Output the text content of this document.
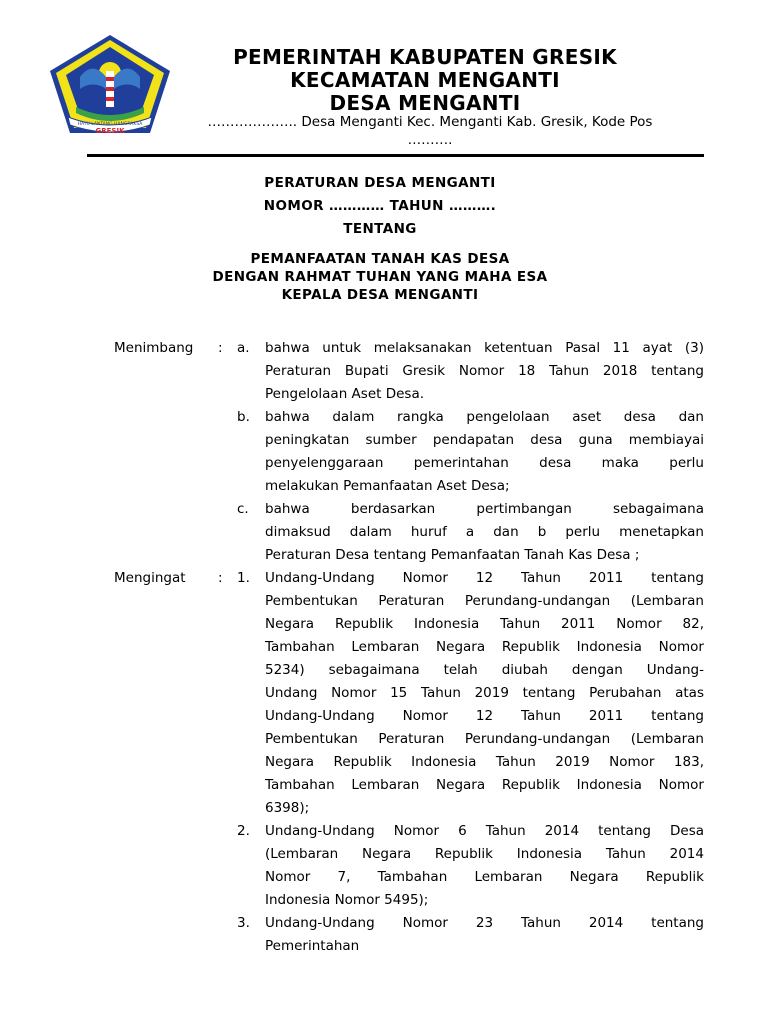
HAYU LANTANG HANGRAKSA
GRESIK
PEMERINTAH KABUPATEN GRESIK
KECAMATAN MENGANTI
DESA MENGANTI
……………….. Desa Menganti Kec. Menganti Kab. Gresik, Kode Pos
……….
PERATURAN DESA MENGANTI
NOMOR ………… TAHUN ……….
TENTANG
PEMANFAATAN TANAH KAS DESA
DENGAN RAHMAT TUHAN YANG MAHA ESA
KEPALA DESA MENGANTI
Menimbang :
Mengingat :
a. bahwa untuk melaksanakan ketentuan Pasal 11 ayat (3)
Peraturan Bupati Gresik Nomor 18 Tahun 2018 tentang
Pengelolaan Aset Desa.
b. bahwa dalam rangka pengelolaan aset desa dan
peningkatan sumber pendapatan desa guna membiayai
penyelenggaraan pemerintahan desa maka perlu
melakukan Pemanfaatan Aset Desa;
c. bahwa berdasarkan pertimbangan sebagaimana
dimaksud dalam huruf a dan b perlu menetapkan
Peraturan Desa tentang Pemanfaatan Tanah Kas Desa ;
1. Undang-Undang Nomor 12 Tahun 2011 tentang
Pembentukan Peraturan Perundang-undangan (Lembaran
Negara Republik Indonesia Tahun 2011 Nomor 82,
Tambahan Lembaran Negara Republik Indonesia Nomor
5234) sebagaimana telah diubah dengan Undang-
Undang Nomor 15 Tahun 2019 tentang Perubahan atas
Undang-Undang Nomor 12 Tahun 2011 tentang
Pembentukan Peraturan Perundang-undangan (Lembaran
Negara Republik Indonesia Tahun 2019 Nomor 183,
Tambahan Lembaran Negara Republik Indonesia Nomor
6398);
2. Undang-Undang Nomor 6 Tahun 2014 tentang Desa
(Lembaran Negara Republik Indonesia Tahun 2014
Nomor 7, Tambahan Lembaran Negara Republik
Indonesia Nomor 5495);
3. Undang-Undang Nomor 23 Tahun 2014 tentang
Pemerintahan
